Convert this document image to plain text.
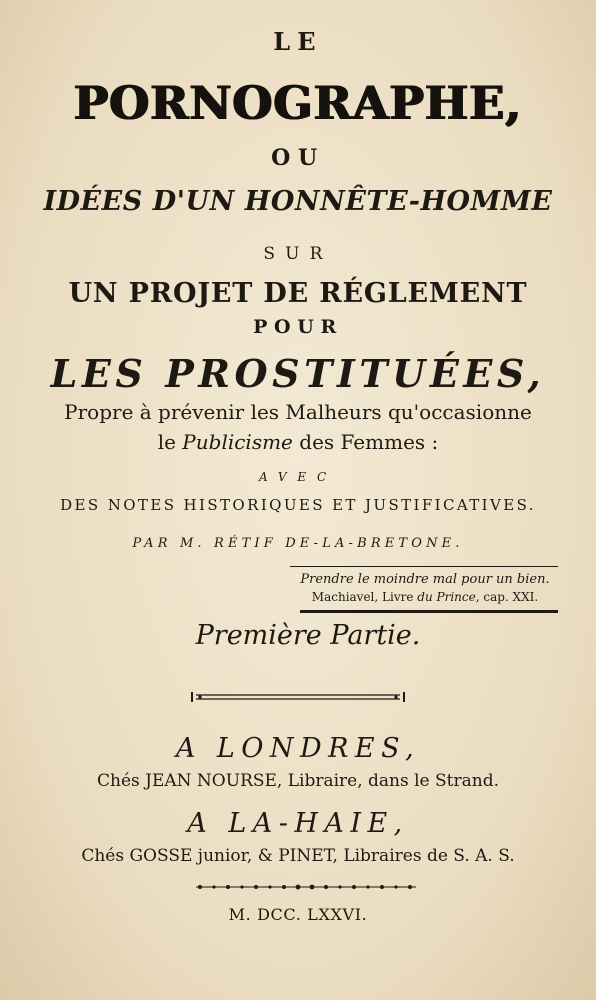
LE
PORNOGRAPHE,
OU
IDÉES D'UN HONNÊTE-HOMME
SUR
UN PROJET DE RÉGLEMENT
POUR
LES PROSTITUÉES,
Propre à prévenir les Malheurs qu'occasionne
le Publicisme des Femmes :
AVEC
DES NOTES HISTORIQUES ET JUSTIFICATIVES.
PAR M. RÉTIF DE-LA-BRETONE.
Prendre le moindre mal pour un bien.
Machiavel, Livre du Prince, cap. XXI.
Première Partie.
A LONDRES,
Chés JEAN NOURSE, Libraire, dans le Strand.
A LA-HAIE,
Chés GOSSE junior, & PINET, Libraires de S. A. S.
M. DCC. LXXVI.
